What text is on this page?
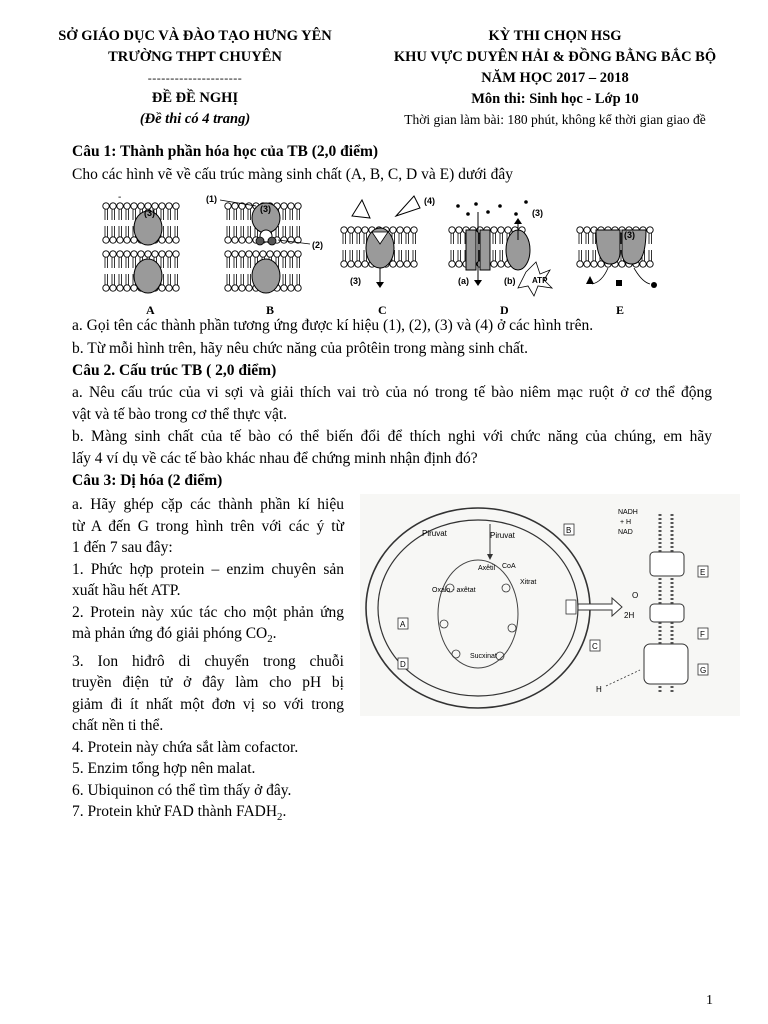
SỞ GIÁO DỤC VÀ ĐÀO TẠO HƯNG YÊN
TRƯỜNG THPT CHUYÊN
---------------------
ĐỀ ĐỀ NGHỊ
(Đề thi có 4 trang)
KỲ THI CHỌN HSG
KHU VỰC DUYÊN HẢI & ĐỒNG BẰNG BẮC BỘ
NĂM HỌC 2017 – 2018
Môn thi: Sinh học - Lớp 10
Thời gian làm bài: 180 phút, không kể thời gian giao đề
Câu 1: Thành phần hóa học của TB (2,0 điểm)
Cho các hình vẽ về cấu trúc màng sinh chất (A, B, C, D và E) dưới đây
(3)
-
(3)
(1)
(2)
(3)
(4)
ATP
(a)	(b)
(3)
(3)
A	B	C	D	E
a. Gọi tên các thành phần tương ứng được kí hiệu (1), (2), (3) và (4) ở các hình trên.
b. Từ mỗi hình trên, hãy nêu chức năng của prôtêin trong màng sinh chất.
Câu 2. Cấu trúc TB ( 2,0 điểm)
a. Nêu cấu trúc của vi sợi và giải thích vai trò của nó trong tế bào niêm mạc ruột ở cơ thể động
vật và tế bào trong cơ thể thực vật.
b. Màng sinh chất của tế bào có thể biến đổi để thích nghi với chức năng của chúng, em hãy
lấy 4 ví dụ về các tế bào khác nhau để chứng minh nhận định đó?
Câu 3: Dị hóa (2 điểm)

a. Hãy ghép cặp các thành phần kí hiệu

từ A đến G trong hình trên với các ý từ

1 đến 7 sau đây:

1. Phức hợp protein – enzim chuyên sản

xuất hầu hết ATP.

2. Protein này xúc tác cho một phản ứng

mà phản ứng đó giải phóng $CO_2$.

3. Ion hiđrô di chuyển trong chuỗi

truyền điện tử ở đây làm cho pH bị

giảm đi ít nhất một đơn vị so với trong

chất nền ti thể.

4. Protein này chứa sắt làm cofactor.

5. Enzim tổng hợp nên malat.

6. Ubiquinon có thể tìm thấy ở đây.

7. Protein khử FAD thành $FADH_2$.

Piruvat	Piruvat
Axêtil CoA
Xitrat
Oxalo - axêtat
Sucxinat
B
A
D
C
NADH
+ H
NAD
O
2H
H
E
F
G
1
